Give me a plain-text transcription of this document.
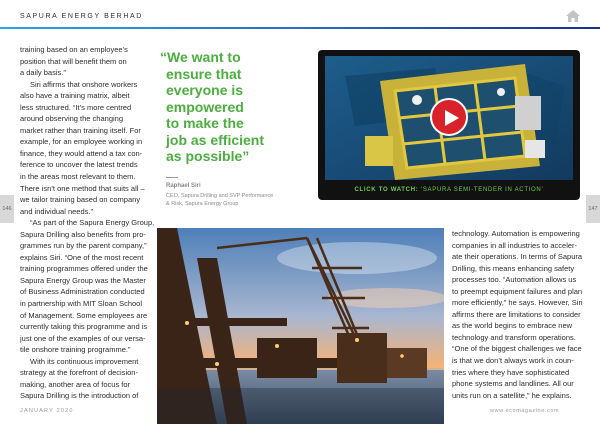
SAPURA ENERGY BERHAD

training based on an employee’s

position that will benefit them on

a daily basis.”

Siri affirms that onshore workers

also have a training matrix, albeit

less structured. “It’s more centred

around observing the changing

market rather than training itself. For

example, for an employee working in

finance, they would attend a tax con-

ference to uncover the latest trends

in the areas most relevant to them.

There isn’t one method that suits all –

we tailor training based on company

and individual needs.”

“As part of the Sapura Energy Group,

Sapura Drilling also benefits from pro-

grammes run by the parent company,”

explains Siri. “One of the most recent

training programmes offered under the

Sapura Energy Group was the Master

of Business Administration conducted

in partnership with MIT Sloan School

of Management. Some employees are

currently taking this programme and is

just one of the examples of our versa-

tile onshore training programme.”

With its continuous improvement

strategy at the forefront of decision-

making, another area of focus for

Sapura Drilling is the introduction of

“We want to
ensure that
everyone is
empowered
to make the
job as efficient
as possible”
Raphael Siri
CEO, Sapura Drilling and SVP Performance
& Risk, Sapura Energy Group
CLICK TO WATCH: ‘SAPURA SEMI-TENDER IN ACTION’
146	147

technology. Automation is empowering

companies in all industries to acceler-

ate their operations. In terms of Sapura

Drilling, this means enhancing safety

processes too. “Automation allows us

to preempt equipment failures and plan

more efficiently,” he says. However, Siri

affirms there are limitations to consider

as the world begins to embrace new

technology and transform operations.

“One of the biggest challenges we face

is that we don’t always work in coun-

tries where they have sophisticated

phone systems and landlines. All our

units run on a satellite,” he explains.

JANUARY 2020	www.ecomagazine.com
